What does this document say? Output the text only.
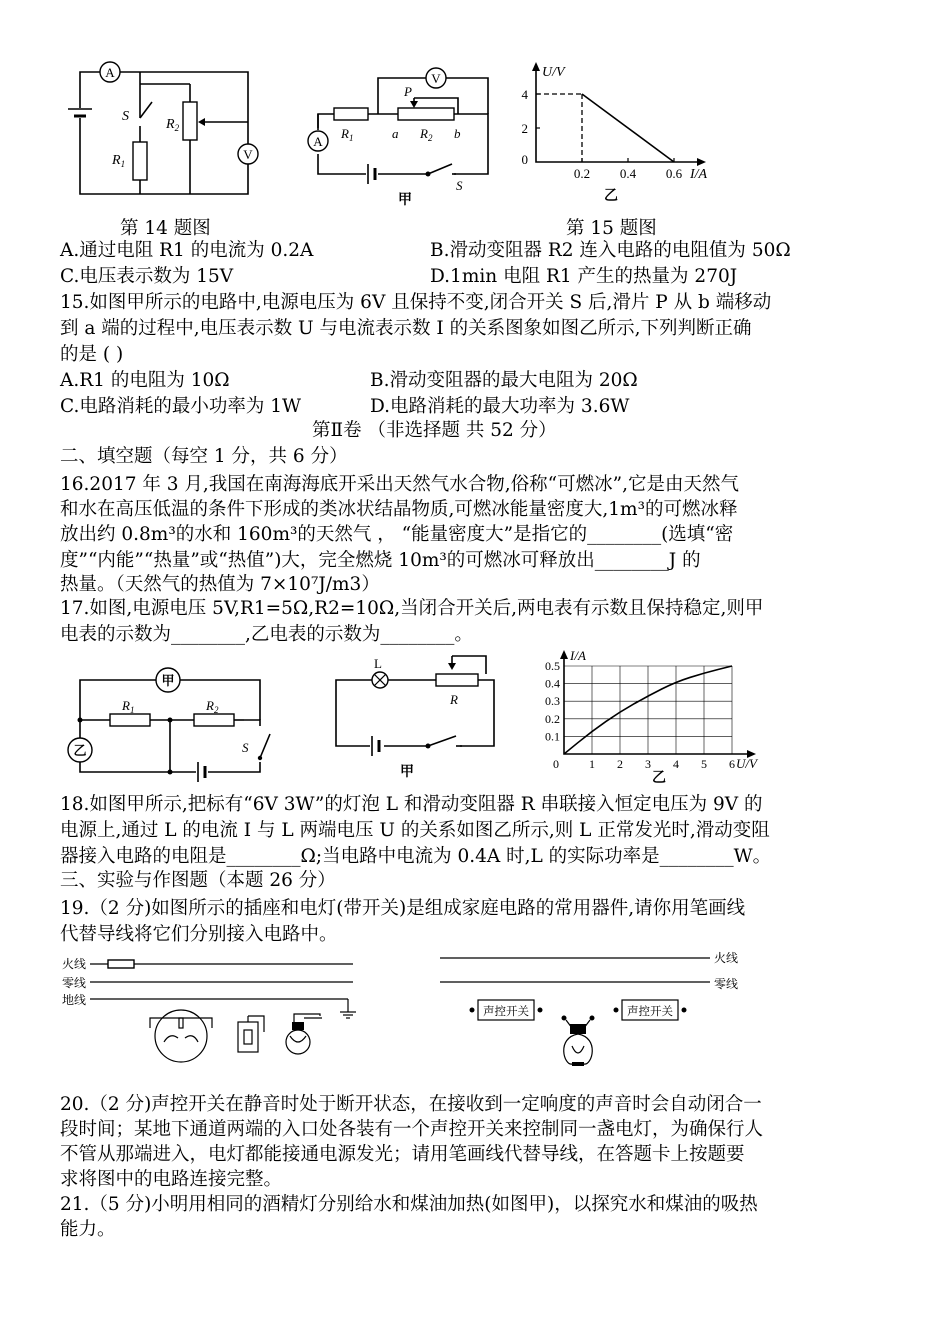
A
S
$R_1$
$R_2$
V
第 14 题图
A
$R_1$	$R_2$
a	b
P
V
S
甲
U/V
I/A
乙
0.2 0.4 0.6
0
2
4
第 15 题图
A.通过电阻 R1 的电流为 0.2A	B.滑动变阻器 R2 连入电路的电阻值为 50Ω
C.电压表示数为 15V	D.1min 电阻 R1 产生的热量为 270J
15.如图甲所示的电路中,电源电压为 6V 且保持不变,闭合开关 S 后,滑片 P 从 b 端移动
到 a 端的过程中,电压表示数 U 与电流表示数 I 的关系图象如图乙所示,下列判断正确
的是 ( )
A.R1 的电阻为 10Ω	B.滑动变阻器的最大电阻为 20Ω
C.电路消耗的最小功率为 1W	D.电路消耗的最大功率为 3.6W
第Ⅱ卷 （非选择题 共 52 分）
二、填空题（每空 1 分，共 6 分）
16.2017 年 3 月,我国在南海海底开采出天然气水合物,俗称“可燃冰”,它是由天然气
和水在高压低温的条件下形成的类冰状结晶物质,可燃冰能量密度大,1m³的可燃冰释
放出约 0.8m³的水和 160m³的天然气 ， “能量密度大”是指它的________(选填“密
度”“内能”“热量”或“热值”)大，完全燃烧 10m³的可燃冰可释放出________J 的
热量。（天然气的热值为 7×10⁷J/m3）
17.如图,电源电压 5V,R1=5Ω,R2=10Ω,当闭合开关后,两电表有示数且保持稳定,则甲
电表的示数为________,乙电表的示数为________。
甲
乙
$R_1$	$R_2$
S
L
R
甲
I/A
U/V
乙
0	1 2 3 4 5 6
0.1
0.2
0.3
0.4
0.5
18.如图甲所示,把标有“6V 3W”的灯泡 L 和滑动变阻器 R 串联接入恒定电压为 9V 的
电源上,通过 L 的电流 I 与 L 两端电压 U 的关系如图乙所示,则 L 正常发光时,滑动变阻
器接入电路的电阻是________Ω;当电路中电流为 0.4A 时,L 的实际功率是________W。
三、实验与作图题（本题 26 分）
19.（2 分)如图所示的插座和电灯(带开关)是组成家庭电路的常用器件,请你用笔画线
代替导线将它们分别接入电路中。
火线
零线
地线
火线
零线
声控开关	声控开关
20.（2 分)声控开关在静音时处于断开状态，在接收到一定响度的声音时会自动闭合一
段时间；某地下通道两端的入口处各装有一个声控开关来控制同一盏电灯，为确保行人
不管从那端进入，电灯都能接通电源发光；请用笔画线代替导线，在答题卡上按题要
求将图中的电路连接完整。
21.（5 分)小明用相同的酒精灯分别给水和煤油加热(如图甲)，以探究水和煤油的吸热
能力。
